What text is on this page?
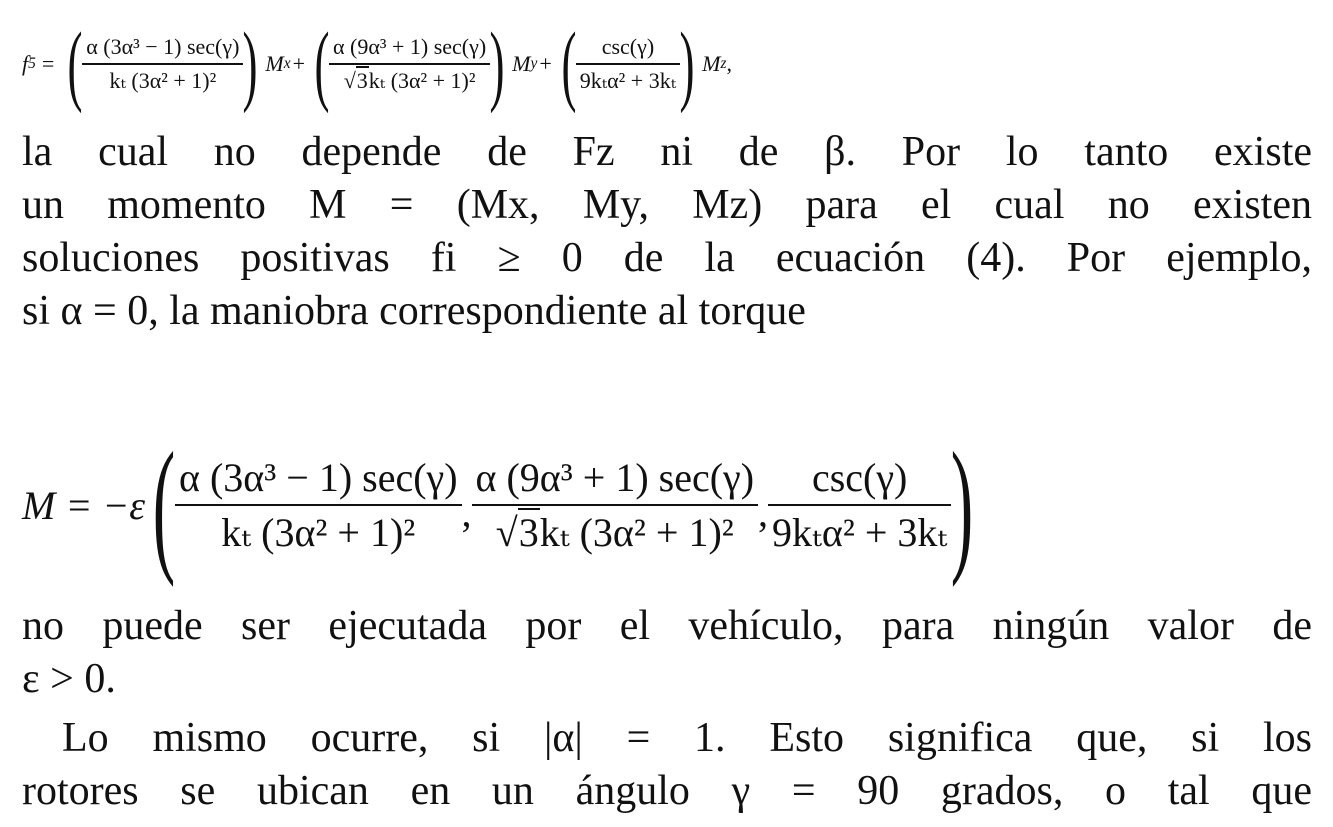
f 5 = ( $\frac{\text{α (3α³ − 1) sec(γ)}}{\text{kₜ (3α² + 1)²}}$ ) M x + ( $\frac{\text{α (9α³ + 1) sec(γ)}}{\text{√3kₜ (3α² + 1)²}}$ ) M y + ( $\frac{\csc(\gamma)}{\text{9kₜα² + 3kₜ}}$ ) M z ,
la cual no depende de Fz ni de β. Por lo tanto existe
un momento M = (Mx, My, Mz) para el cual no existen
soluciones positivas fi ≥ 0 de la ecuación (4). Por ejemplo,
si α = 0, la maniobra correspondiente al torque
M = −ε ( $\frac{\text{α (3α³ − 1) sec(γ)}}{\text{kₜ (3α² + 1)²}}$ , $\frac{\text{α (9α³ + 1) sec(γ)}}{\text{√3kₜ (3α² + 1)²}}$ , $\frac{\csc(\gamma)}{\text{9kₜα² + 3kₜ}}$ )
no puede ser ejecutada por el vehículo, para ningún valor de
ε > 0.
Lo mismo ocurre, si |α| = 1. Esto significa que, si los
rotores se ubican en un ángulo γ = 90 grados, o tal que
